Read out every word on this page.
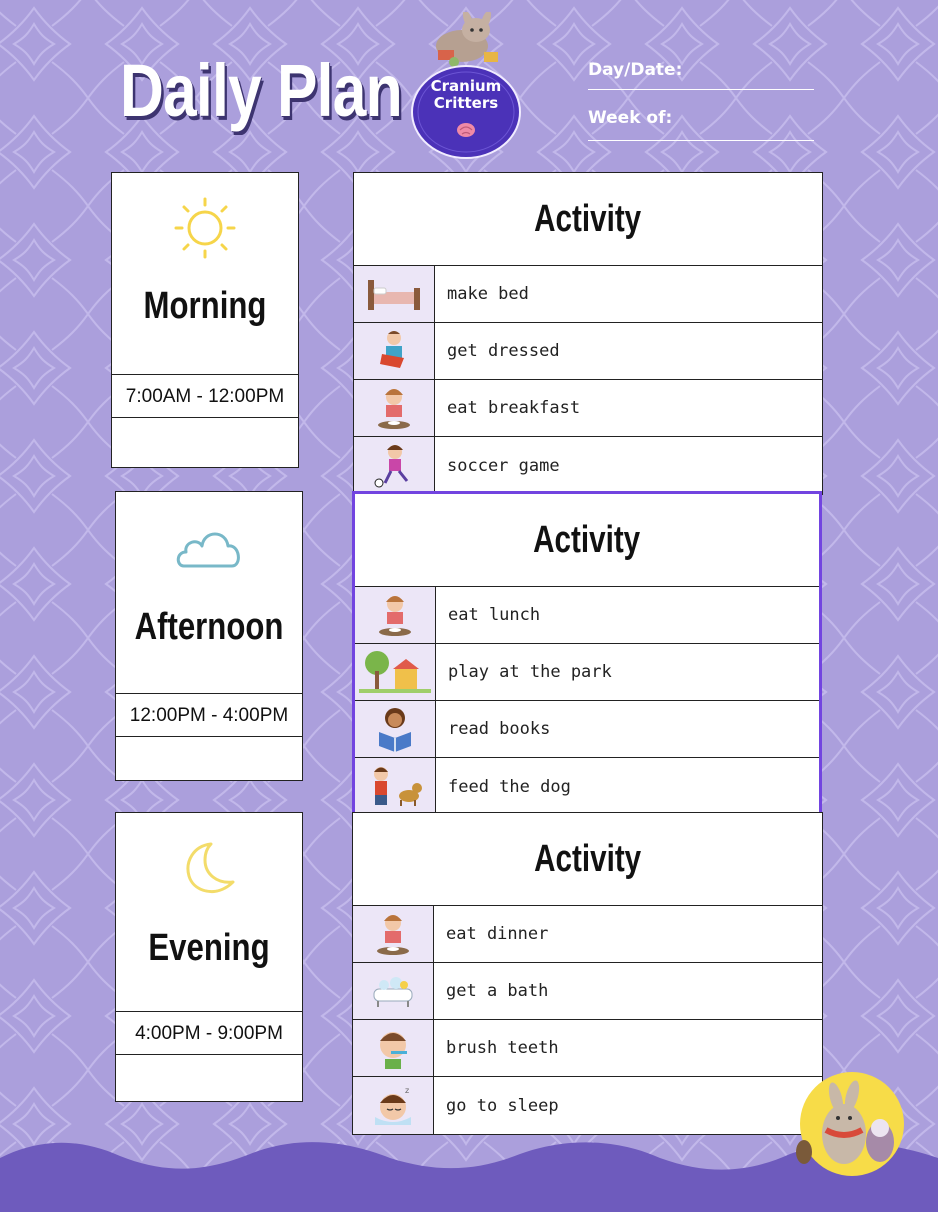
Daily Plan	Cranium
Critters
Day/Date:
Week of:
Morning
7:00AM - 12:00PM
Afternoon
12:00PM - 4:00PM
Evening
4:00PM - 9:00PM
Activity
make bed
get dressed
eat breakfast
soccer game
Activity
eat lunch
play at the park
read books
feed the dog
Activity
eat dinner
get a bath
brush teeth
z
go to sleep
